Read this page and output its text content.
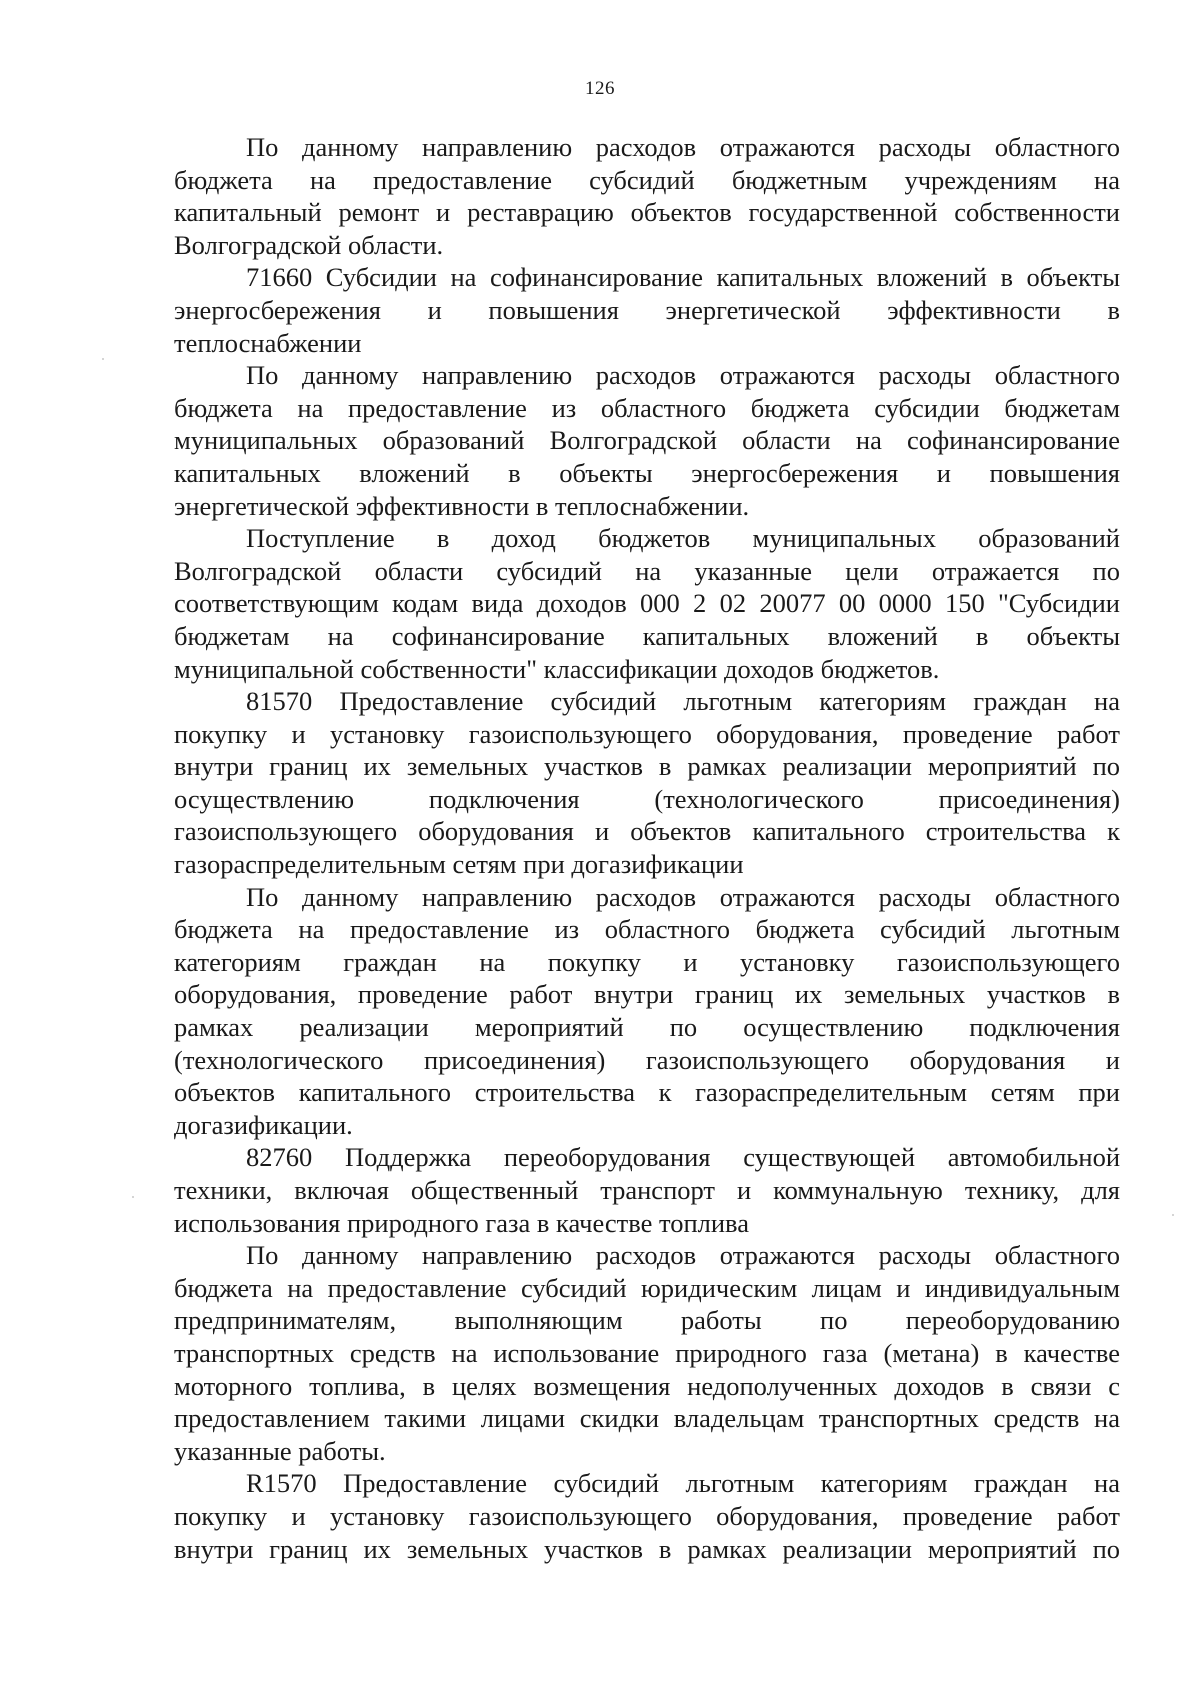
126
По данному направлению расходов отражаются расходы областного
бюджета на предоставление субсидий бюджетным учреждениям на
капитальный ремонт и реставрацию объектов государственной собственности
Волгоградской области.
71660 Субсидии на софинансирование капитальных вложений в объекты
энергосбережения и повышения энергетической эффективности в
теплоснабжении
По данному направлению расходов отражаются расходы областного
бюджета на предоставление из областного бюджета субсидии бюджетам
муниципальных образований Волгоградской области на софинансирование
капитальных вложений в объекты энергосбережения и повышения
энергетической эффективности в теплоснабжении.
Поступление в доход бюджетов муниципальных образований
Волгоградской области субсидий на указанные цели отражается по
соответствующим кодам вида доходов 000 2 02 20077 00 0000 150 "Субсидии
бюджетам на софинансирование капитальных вложений в объекты
муниципальной собственности" классификации доходов бюджетов.
81570 Предоставление субсидий льготным категориям граждан на
покупку и установку газоиспользующего оборудования, проведение работ
внутри границ их земельных участков в рамках реализации мероприятий по
осуществлению подключения (технологического присоединения)
газоиспользующего оборудования и объектов капитального строительства к
газораспределительным сетям при догазификации
По данному направлению расходов отражаются расходы областного
бюджета на предоставление из областного бюджета субсидий льготным
категориям граждан на покупку и установку газоиспользующего
оборудования, проведение работ внутри границ их земельных участков в
рамках реализации мероприятий по осуществлению подключения
(технологического присоединения) газоиспользующего оборудования и
объектов капитального строительства к газораспределительным сетям при
догазификации.
82760 Поддержка переоборудования существующей автомобильной
техники, включая общественный транспорт и коммунальную технику, для
использования природного газа в качестве топлива
По данному направлению расходов отражаются расходы областного
бюджета на предоставление субсидий юридическим лицам и индивидуальным
предпринимателям, выполняющим работы по переоборудованию
транспортных средств на использование природного газа (метана) в качестве
моторного топлива, в целях возмещения недополученных доходов в связи с
предоставлением такими лицами скидки владельцам транспортных средств на
указанные работы.
R1570 Предоставление субсидий льготным категориям граждан на
покупку и установку газоиспользующего оборудования, проведение работ
внутри границ их земельных участков в рамках реализации мероприятий по
